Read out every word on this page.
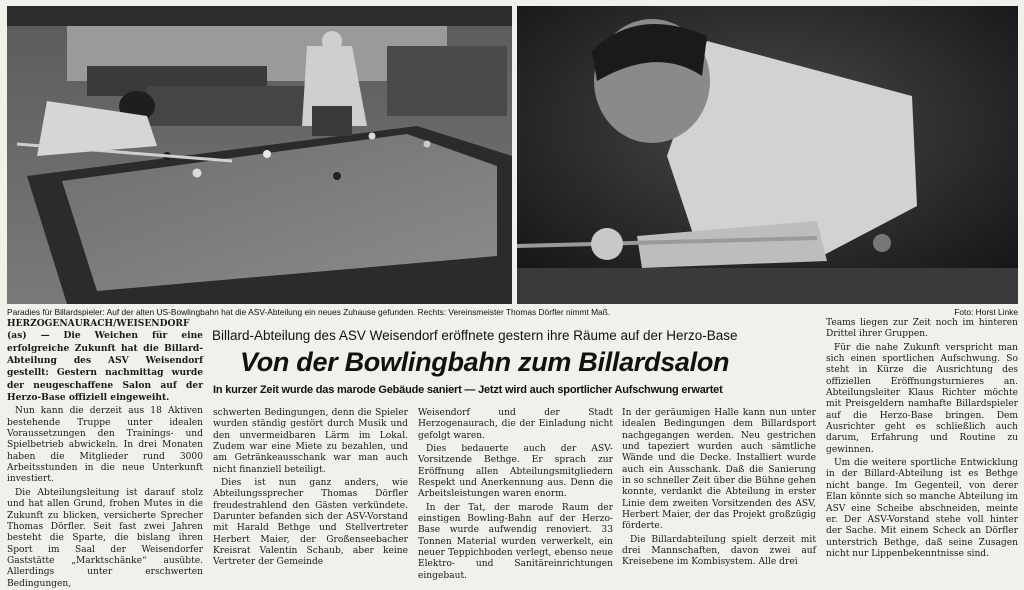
Paradies für Billardspieler: Auf der alten US-Bowlingbahn hat die ASV-Abteilung ein neues Zuhause gefunden. Rechts: Vereinsmeister Thomas Dörfler nimmt Maß.	Foto: Horst Linke
Billard-Abteilung des ASV Weisendorf eröffnete gestern ihre Räume auf der Herzo-Base
Von der Bowlingbahn zum Billardsalon
In kurzer Zeit wurde das marode Gebäude saniert — Jetzt wird auch sportlicher Aufschwung erwartet

HERZOGENAURACH/WEISENDORF (as) — Die Weichen für eine erfolgreiche Zukunft hat die Billard-Abteilung des ASV Weisendorf gestellt: Gestern nachmittag wurde der neugeschaffene Salon auf der Herzo-Base offiziell eingeweiht.

Nun kann die derzeit aus 18 Aktiven bestehende Truppe unter idealen Voraussetzungen den Trainings- und Spielbetrieb abwickeln. In drei Monaten haben die Mitglieder rund 3000 Arbeitsstunden in die neue Unterkunft investiert.

Die Abteilungsleitung ist darauf stolz und hat allen Grund, frohen Mutes in die Zukunft zu blicken, versicherte Sprecher Thomas Dörfler. Seit fast zwei Jahren besteht die Sparte, die bislang ihren Sport im Saal der Weisendorfer Gaststätte „Marktschänke“ ausübte. Allerdings unter erschwerten Bedingungen,

schwerten Bedingungen, denn die Spieler wurden ständig gestört durch Musik und den unvermeidbaren Lärm im Lokal. Zudem war eine Miete zu bezahlen, und am Getränkeausschank war man auch nicht finanziell beteiligt.

Dies ist nun ganz anders, wie Abteilungssprecher Thomas Dörfler freudestrahlend den Gästen verkündete. Darunter befanden sich der ASV-Vorstand mit Harald Bethge und Stellvertreter Herbert Maier, der Großenseebacher Kreisrat Valentin Schaub, aber keine Vertreter der Gemeinde

Weisendorf und der Stadt Herzogenaurach, die der Einladung nicht gefolgt waren.

Dies bedauerte auch der ASV-Vorsitzende Bethge. Er sprach zur Eröffnung allen Abteilungsmitgliedern Respekt und Anerkennung aus. Denn die Arbeitsleistungen waren enorm.

In der Tat, der marode Raum der einstigen Bowling-Bahn auf der Herzo-Base wurde aufwendig renoviert. 33 Tonnen Material wurden verwerkelt, ein neuer Teppichboden verlegt, ebenso neue Elektro- und Sanitäreinrichtungen eingebaut.

In der geräumigen Halle kann nun unter idealen Bedingungen dem Billardsport nachgegangen werden. Neu gestrichen und tapeziert wurden auch sämtliche Wände und die Decke. Installiert wurde auch ein Ausschank. Daß die Sanierung in so schneller Zeit über die Bühne gehen konnte, verdankt die Abteilung in erster Linie dem zweiten Vorsitzenden des ASV, Herbert Maier, der das Projekt großzügig förderte.

Die Billardabteilung spielt derzeit mit drei Mannschaften, davon zwei auf Kreisebene im Kombisystem. Alle drei

Teams liegen zur Zeit noch im hinteren Drittel ihrer Gruppen.

Für die nahe Zukunft verspricht man sich einen sportlichen Aufschwung. So steht in Kürze die Ausrichtung des offiziellen Eröffnungsturnieres an. Abteilungsleiter Klaus Richter möchte mit Preisgeldern namhafte Billardspieler auf die Herzo-Base bringen. Dem Ausrichter geht es schließlich auch darum, Erfahrung und Routine zu gewinnen.

Um die weitere sportliche Entwicklung in der Billard-Abteilung ist es Bethge nicht bange. Im Gegenteil, von derer Elan könnte sich so manche Abteilung im ASV eine Scheibe abschneiden, meinte er. Der ASV-Vorstand stehe voll hinter der Sache. Mit einem Scheck an Dörfler unterstrich Bethge, daß seine Zusagen nicht nur Lippenbekenntnisse sind.
